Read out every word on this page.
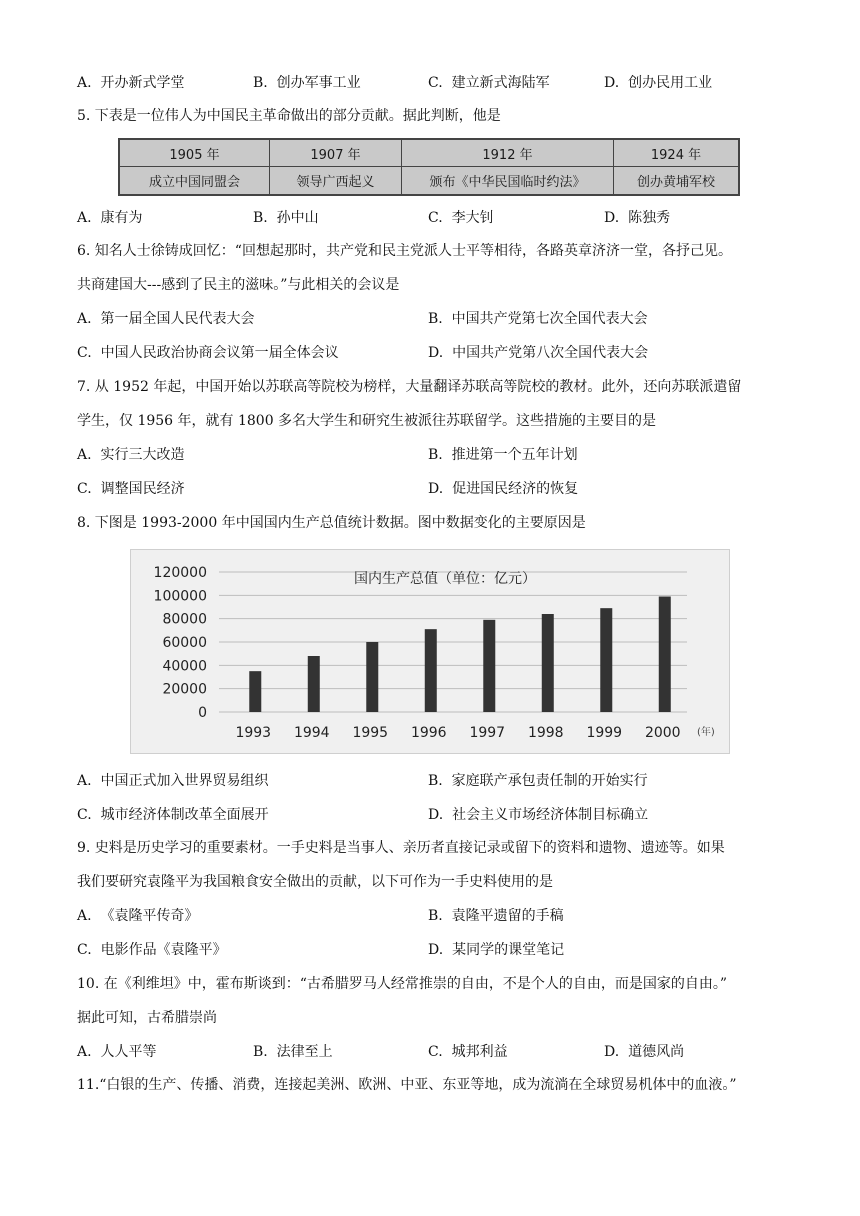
A. 开办新式学堂	B. 创办军事工业	C. 建立新式海陆军	D. 创办民用工业
5. 下表是一位伟人为中国民主革命做出的部分贡献。据此判断，他是
1905 年	1907 年	1912 年	1924 年
成立中国同盟会	领导广西起义	颁布《中华民国临时约法》	创办黄埔军校
A. 康有为	B. 孙中山	C. 李大钊	D. 陈独秀
6. 知名人士徐铸成回忆：“回想起那时，共产党和民主党派人士平等相待，各路英章济济一堂，各抒己见。
共商建国大---感到了民主的滋味。”与此相关的会议是
A. 第一届全国人民代表大会	B. 中国共产党第七次全国代表大会
C. 中国人民政治协商会议第一届全体会议	D. 中国共产党第八次全国代表大会
7. 从 1952 年起，中国开始以苏联高等院校为榜样，大量翻译苏联高等院校的教材。此外，还向苏联派遣留
学生，仅 1956 年，就有 1800 多名大学生和研究生被派往苏联留学。这些措施的主要目的是
A. 实行三大改造	B. 推进第一个五年计划
C. 调整国民经济	D. 促进国民经济的恢复
8. 下图是 1993-2000 年中国国内生产总值统计数据。图中数据变化的主要原因是
120000
100000
80000
60000
40000
20000
0
国内生产总值（单位：亿元）
1993 1994 1995 1996 1997 1998 1999 2000 (年)
A. 中国正式加入世界贸易组织	B. 家庭联产承包责任制的开始实行
C. 城市经济体制改革全面展开	D. 社会主义市场经济体制目标确立
9. 史料是历史学习的重要素材。一手史料是当事人、亲历者直接记录或留下的资料和遗物、遗迹等。如果
我们要研究袁隆平为我国粮食安全做出的贡献，以下可作为一手史料使用的是
A. 《袁隆平传奇》	B. 袁隆平遗留的手稿
C. 电影作品《袁隆平》	D. 某同学的课堂笔记
10. 在《利维坦》中，霍布斯谈到：“古希腊罗马人经常推崇的自由，不是个人的自由，而是国家的自由。”
据此可知，古希腊崇尚
A. 人人平等	B. 法律至上	C. 城邦利益	D. 道德风尚
11.“白银的生产、传播、消费，连接起美洲、欧洲、中亚、东亚等地，成为流淌在全球贸易机体中的血液。”
